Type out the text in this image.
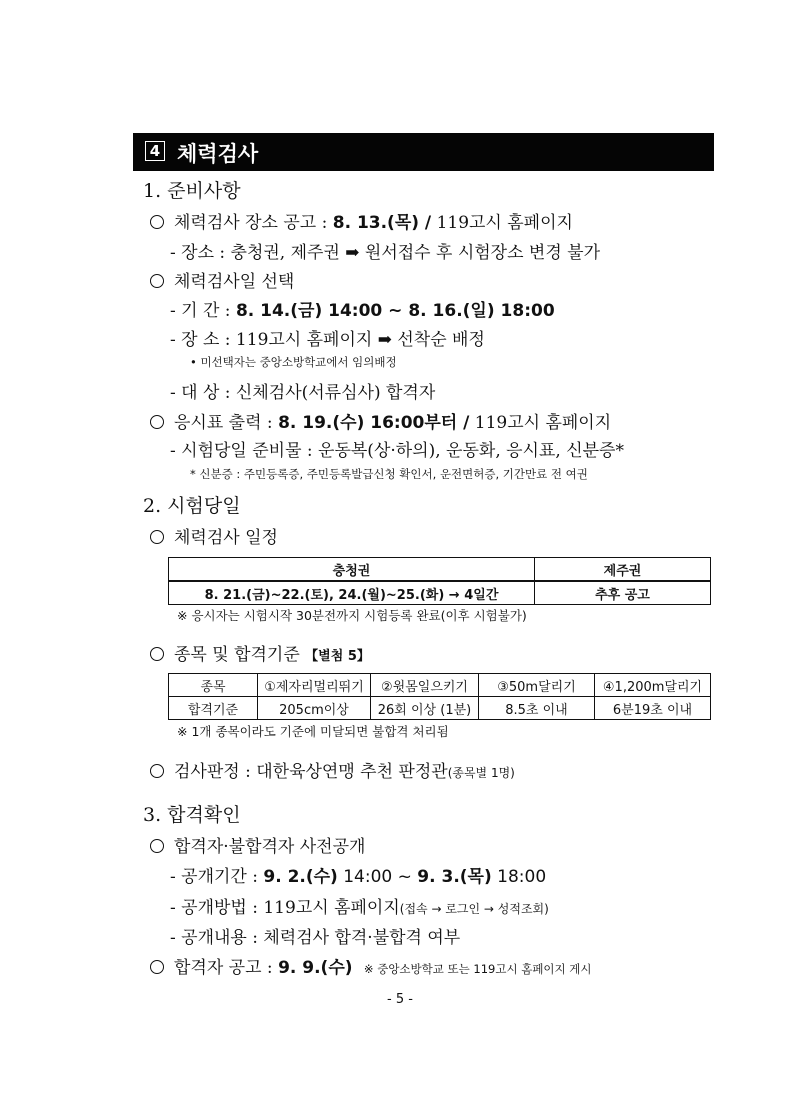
4 체력검사
1. 준비사항
체력검사 장소 공고 : 8. 13.(목) / 119고시 홈페이지
- 장소 : 충청권, 제주권 ➡ 원서접수 후 시험장소 변경 불가
체력검사일 선택
- 기 간 : 8. 14.(금) 14:00 ~ 8. 16.(일) 18:00
- 장 소 : 119고시 홈페이지 ➡ 선착순 배정
• 미선택자는 중앙소방학교에서 임의배정
- 대 상 : 신체검사(서류심사) 합격자
응시표 출력 : 8. 19.(수) 16:00부터 / 119고시 홈페이지
- 시험당일 준비물 : 운동복(상·하의), 운동화, 응시표, 신분증*
* 신분증 : 주민등록증, 주민등록발급신청 확인서, 운전면허증, 기간만료 전 여권
2. 시험당일
체력검사 일정
충청권	제주권
8. 21.(금)~22.(토), 24.(월)~25.(화) → 4일간	추후 공고
※ 응시자는 시험시작 30분전까지 시험등록 완료(이후 시험불가)
종목 및 합격기준 【별첨 5】
종목	①제자리멀리뛰기	②윗몸일으키기	③50m달리기	④1,200m달리기
합격기준	205cm이상	26회 이상 (1분)	8.5초 이내	6분19초 이내
※ 1개 종목이라도 기준에 미달되면 불합격 처리됨
검사판정 : 대한육상연맹 추천 판정관(종목별 1명)
3. 합격확인
합격자·불합격자 사전공개
- 공개기간 : 9. 2.(수) 14:00 ~ 9. 3.(목) 18:00
- 공개방법 : 119고시 홈페이지(접속 → 로그인 → 성적조회)
- 공개내용 : 체력검사 합격·불합격 여부
합격자 공고 : 9. 9.(수) ※ 중앙소방학교 또는 119고시 홈페이지 게시
- 5 -
